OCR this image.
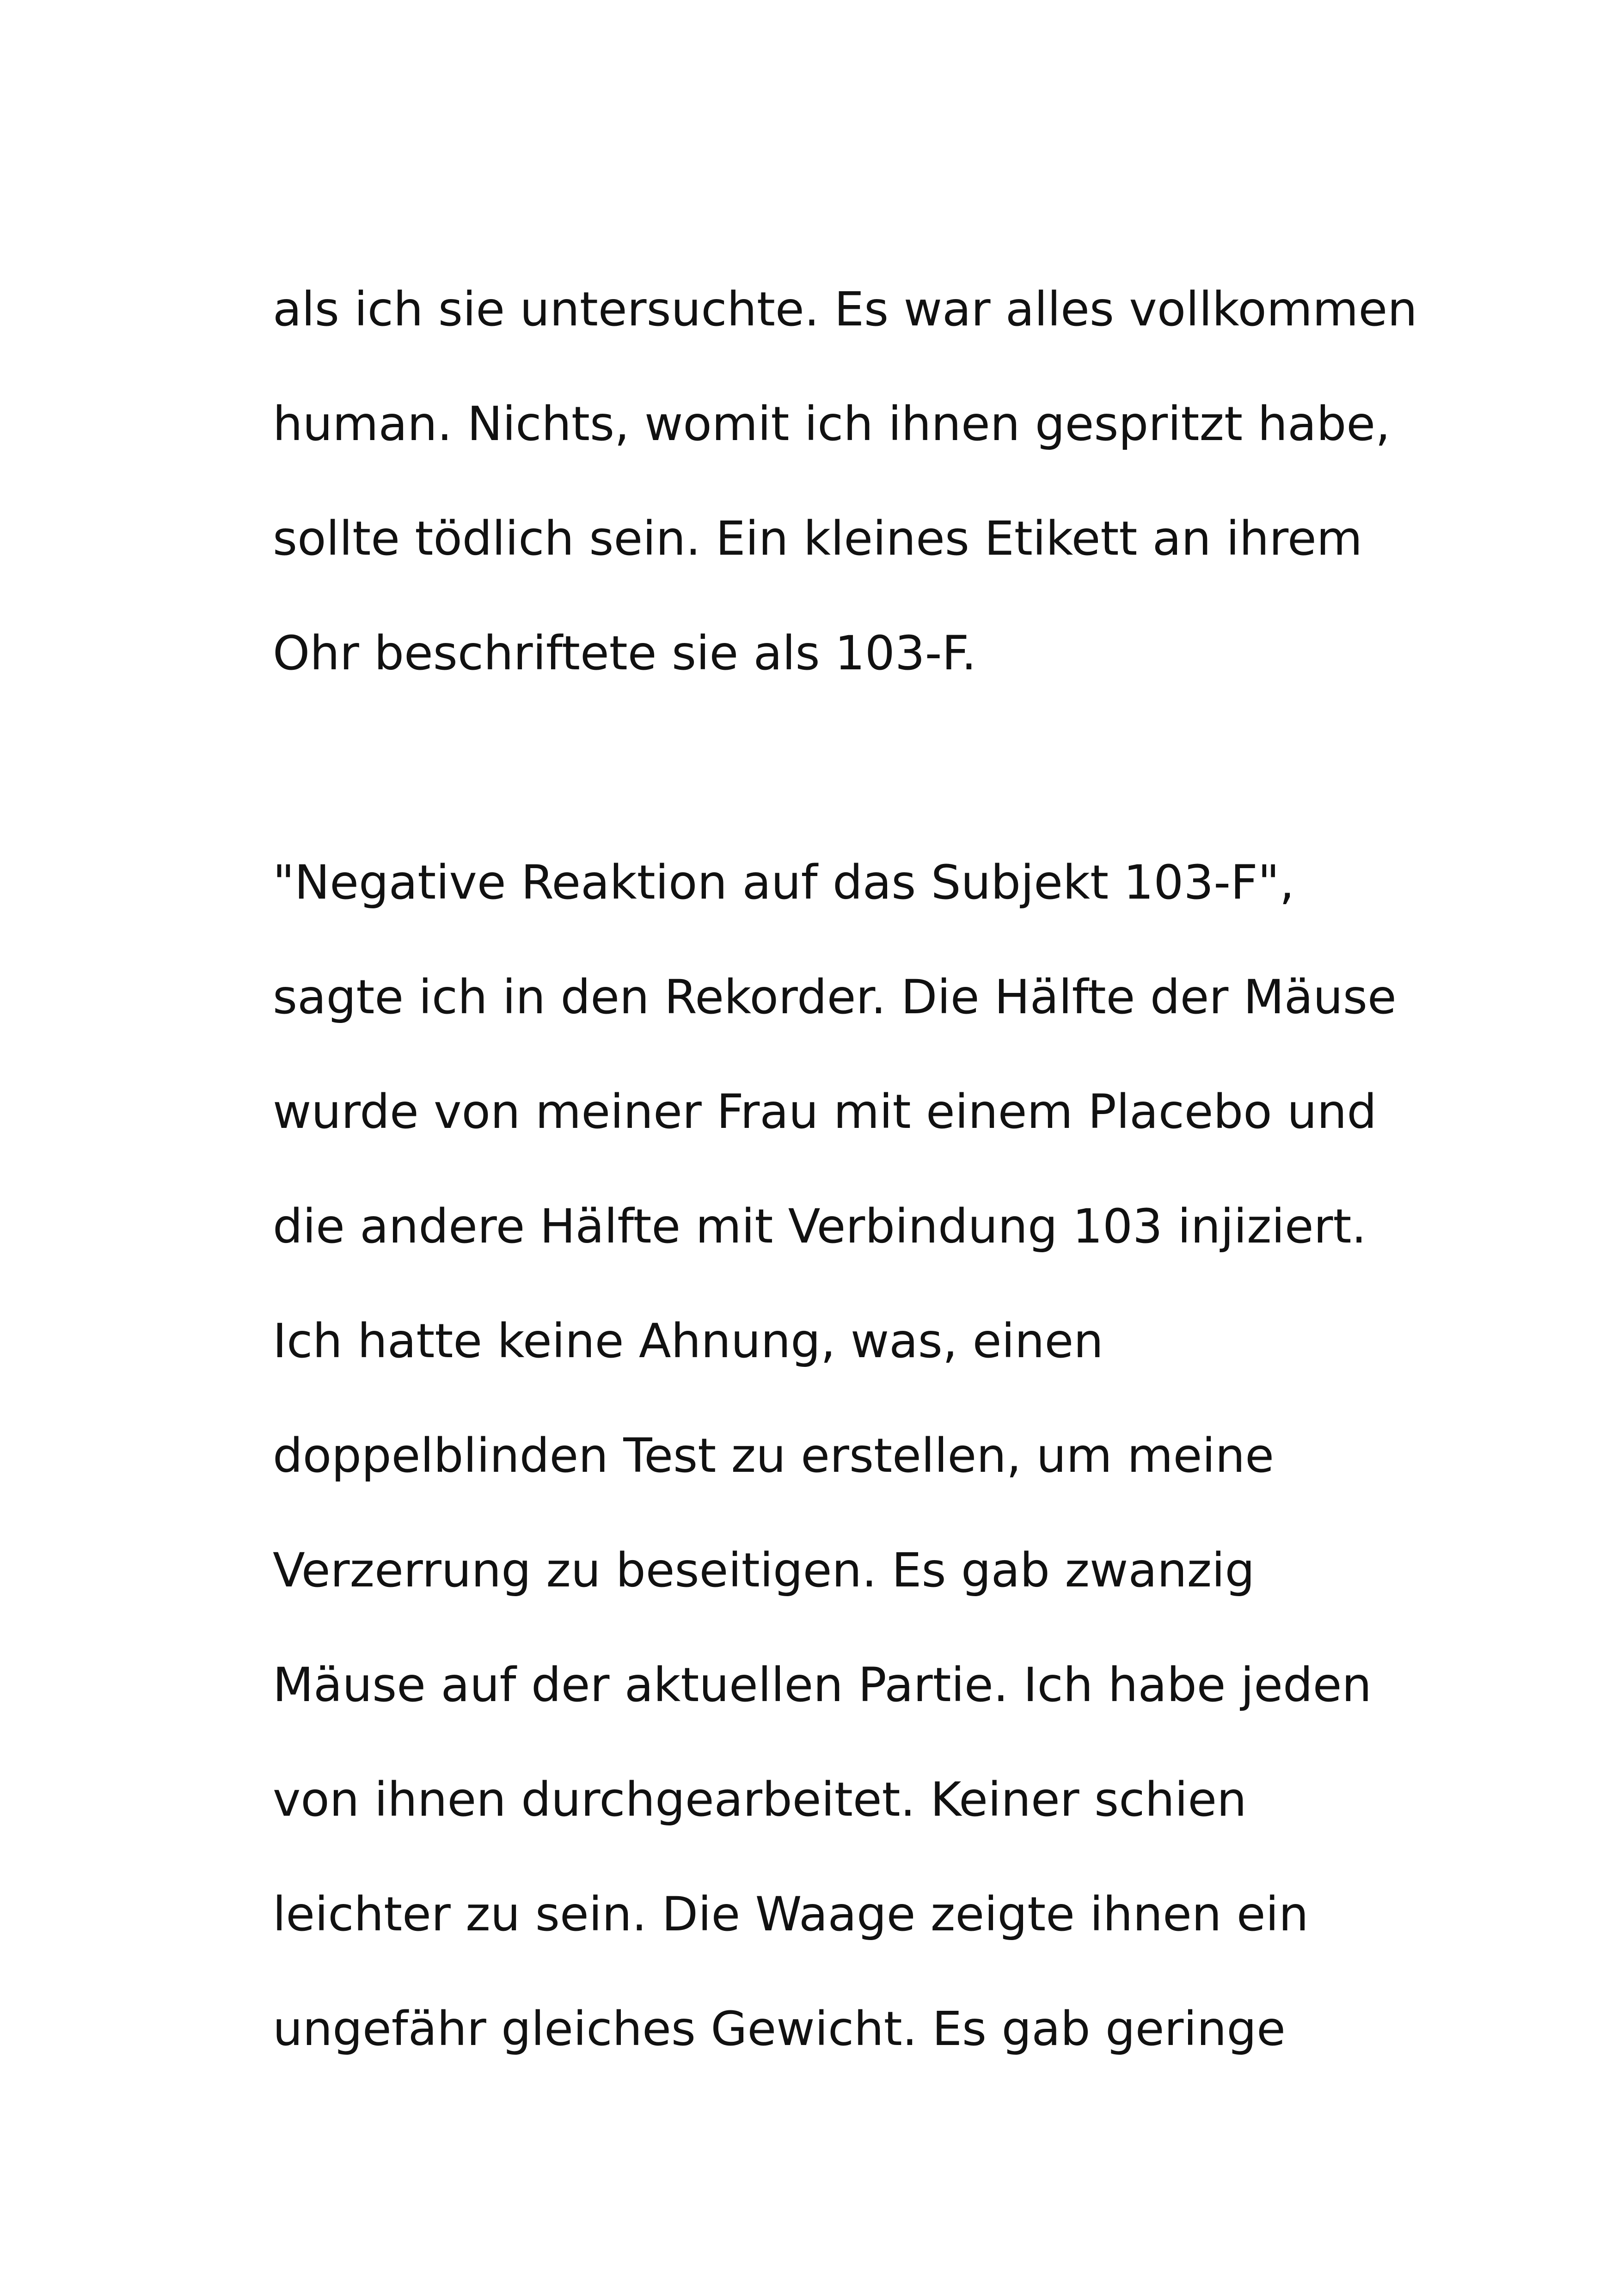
als ich sie untersuchte. Es war alles vollkommen
human. Nichts, womit ich ihnen gespritzt habe,
sollte tödlich sein. Ein kleines Etikett an ihrem
Ohr beschriftete sie als 103-F.
"Negative Reaktion auf das Subjekt 103-F",
sagte ich in den Rekorder. Die Hälfte der Mäuse
wurde von meiner Frau mit einem Placebo und
die andere Hälfte mit Verbindung 103 injiziert.
Ich hatte keine Ahnung, was, einen
doppelblinden Test zu erstellen, um meine
Verzerrung zu beseitigen. Es gab zwanzig
Mäuse auf der aktuellen Partie. Ich habe jeden
von ihnen durchgearbeitet. Keiner schien
leichter zu sein. Die Waage zeigte ihnen ein
ungefähr gleiches Gewicht. Es gab geringe
